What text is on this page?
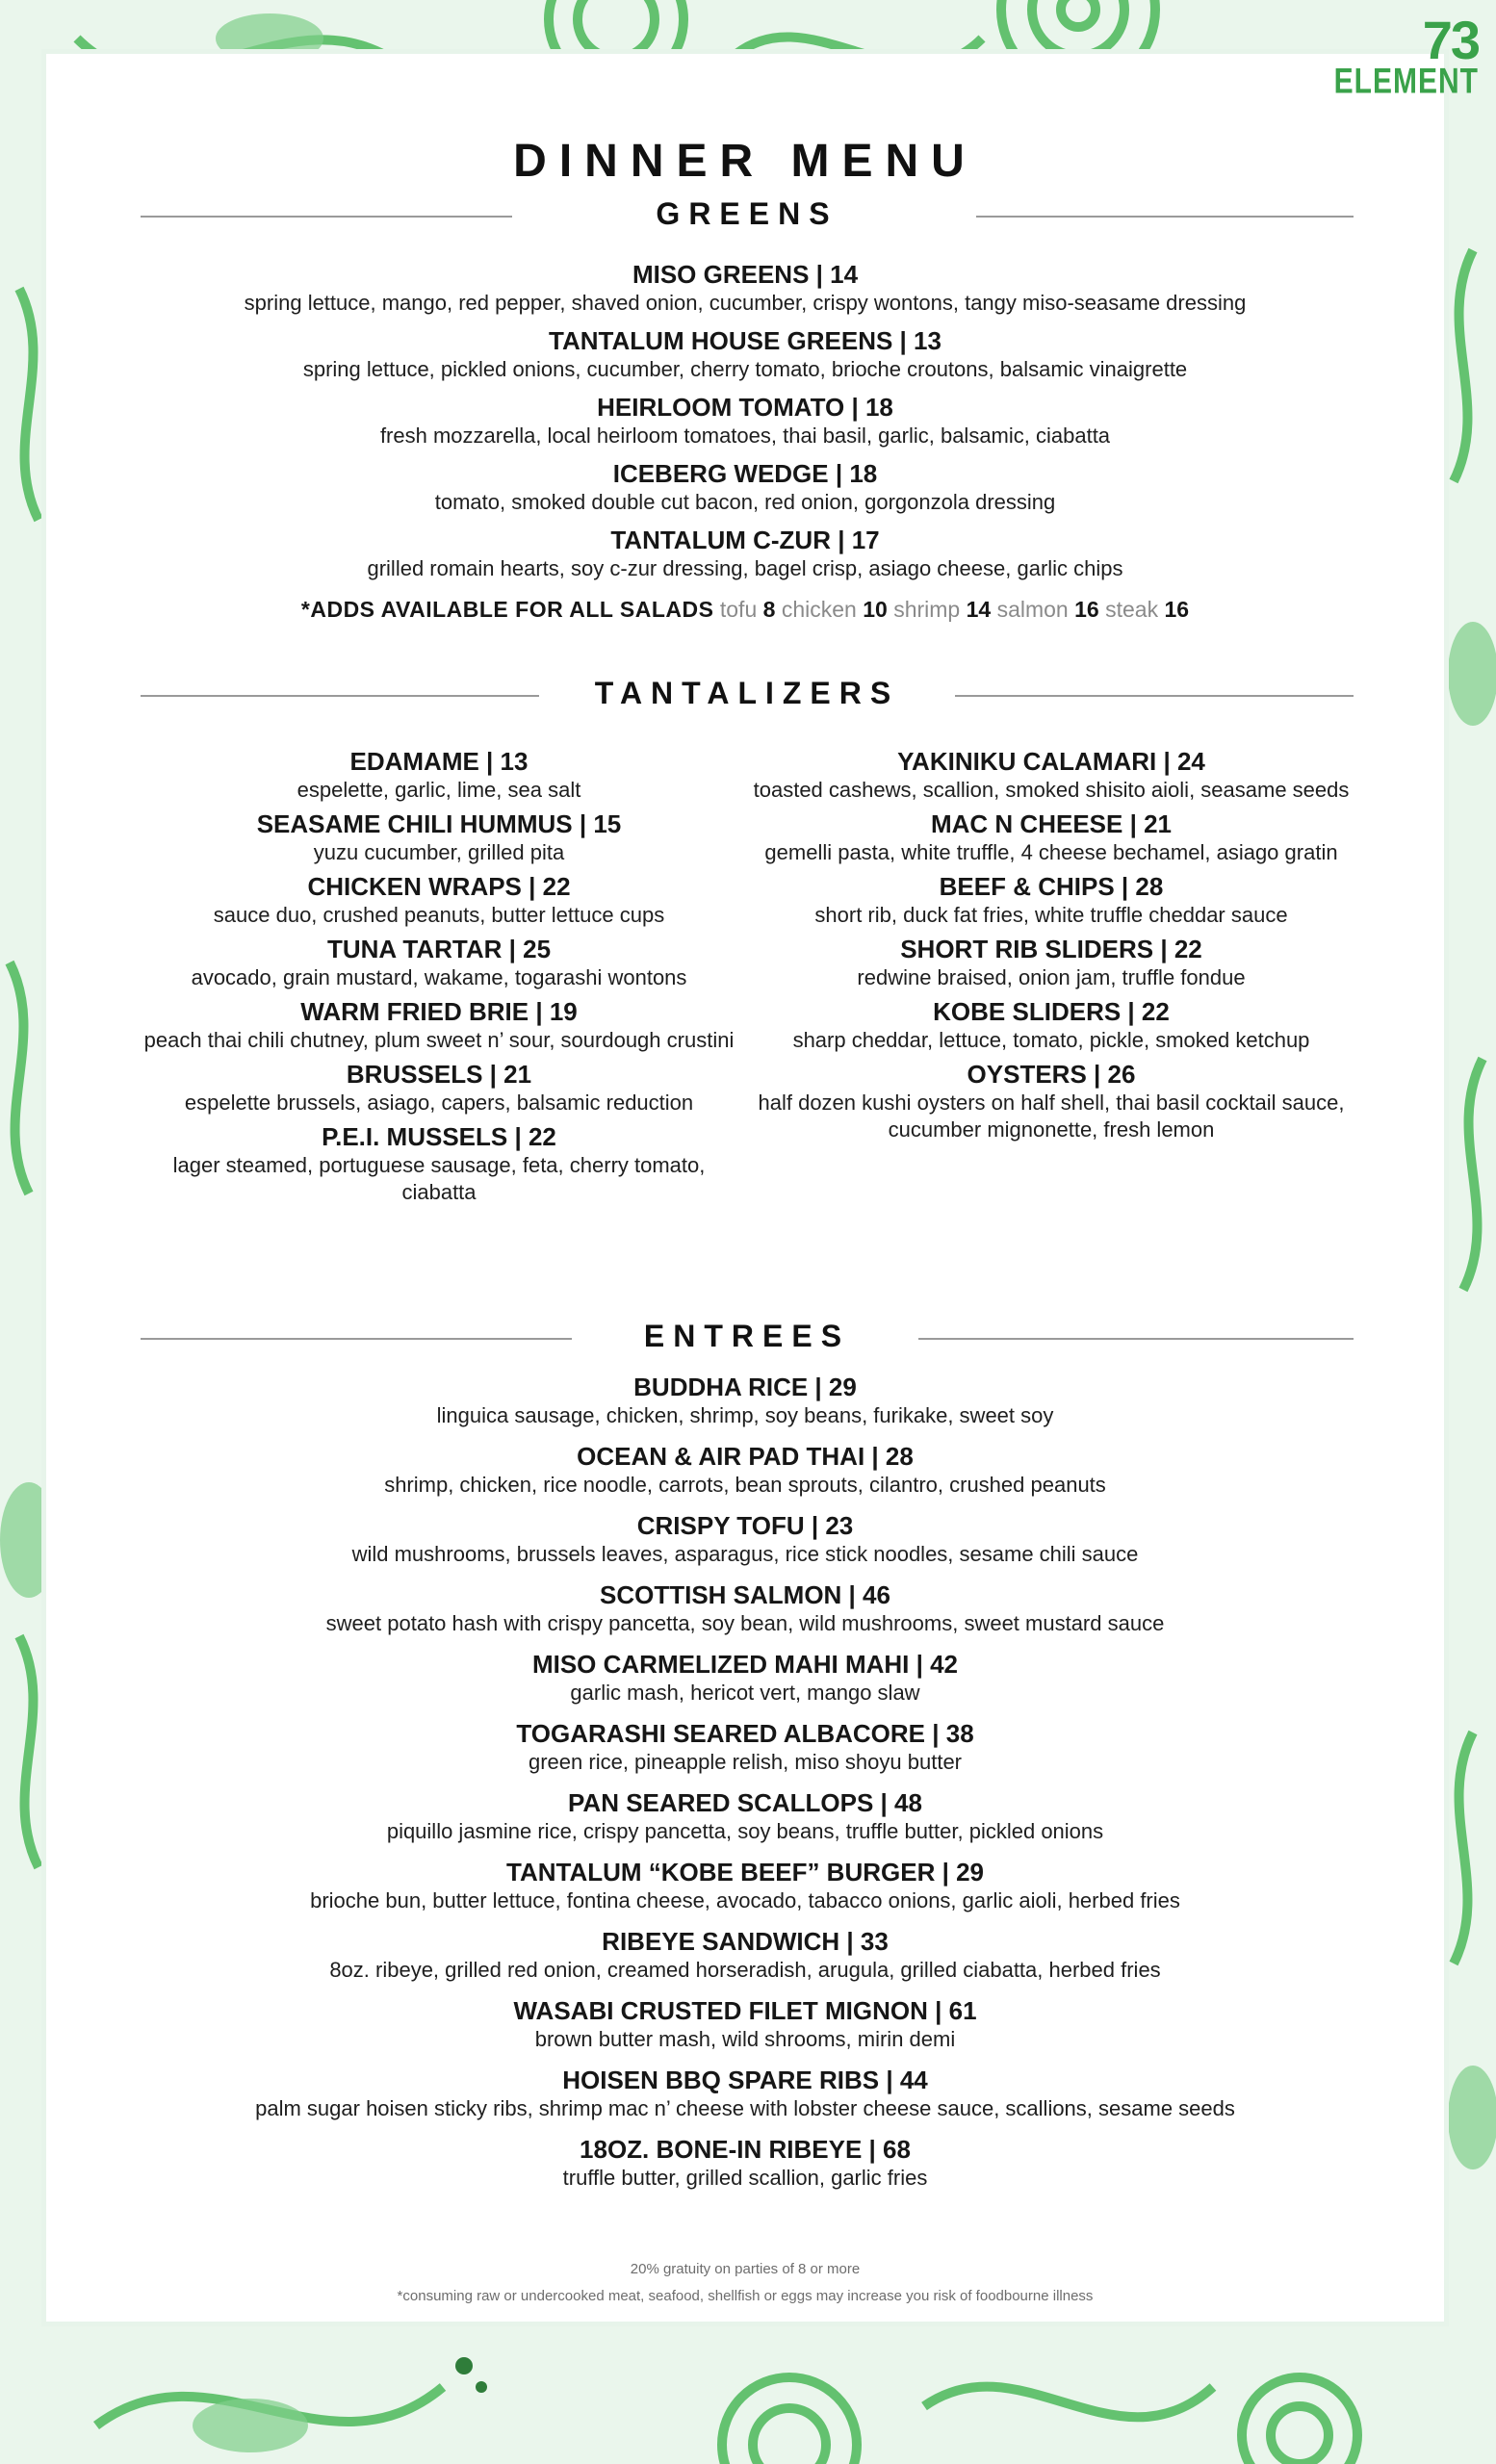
73
ELEMENT
DINNER MENU
GREENS
MISO GREENS | 14
spring lettuce, mango, red pepper, shaved onion, cucumber, crispy wontons, tangy miso-seasame dressing
TANTALUM HOUSE GREENS | 13
spring lettuce, pickled onions, cucumber, cherry tomato, brioche croutons, balsamic vinaigrette
HEIRLOOM TOMATO | 18
fresh mozzarella, local heirloom tomatoes, thai basil, garlic, balsamic, ciabatta
ICEBERG WEDGE | 18
tomato, smoked double cut bacon, red onion, gorgonzola dressing
TANTALUM C-ZUR | 17
grilled romain hearts, soy c-zur dressing, bagel crisp, asiago cheese, garlic chips
*ADDS AVAILABLE FOR ALL SALADS tofu 8 chicken 10 shrimp 14 salmon 16 steak 16
TANTALIZERS
EDAMAME | 13
espelette, garlic, lime, sea salt
SEASAME CHILI HUMMUS | 15
yuzu cucumber, grilled pita
CHICKEN WRAPS | 22
sauce duo, crushed peanuts, butter lettuce cups
TUNA TARTAR | 25
avocado, grain mustard, wakame, togarashi wontons
WARM FRIED BRIE | 19
peach thai chili chutney, plum sweet n’ sour, sourdough crustini
BRUSSELS | 21
espelette brussels, asiago, capers, balsamic reduction
P.E.I. MUSSELS | 22
lager steamed, portuguese sausage, feta, cherry tomato, ciabatta
YAKINIKU CALAMARI | 24
toasted cashews, scallion, smoked shisito aioli, seasame seeds
MAC N CHEESE | 21
gemelli pasta, white truffle, 4 cheese bechamel, asiago gratin
BEEF & CHIPS | 28
short rib, duck fat fries, white truffle cheddar sauce
SHORT RIB SLIDERS | 22
redwine braised, onion jam, truffle fondue
KOBE SLIDERS | 22
sharp cheddar, lettuce, tomato, pickle, smoked ketchup
OYSTERS | 26
half dozen kushi oysters on half shell, thai basil cocktail sauce, cucumber mignonette, fresh lemon
ENTREES
BUDDHA RICE | 29
linguica sausage, chicken, shrimp, soy beans, furikake, sweet soy
OCEAN & AIR PAD THAI | 28
shrimp, chicken, rice noodle, carrots, bean sprouts, cilantro, crushed peanuts
CRISPY TOFU | 23
wild mushrooms, brussels leaves, asparagus, rice stick noodles, sesame chili sauce
SCOTTISH SALMON | 46
sweet potato hash with crispy pancetta, soy bean, wild mushrooms, sweet mustard sauce
MISO CARMELIZED MAHI MAHI | 42
garlic mash, hericot vert, mango slaw
TOGARASHI SEARED ALBACORE | 38
green rice, pineapple relish, miso shoyu butter
PAN SEARED SCALLOPS | 48
piquillo jasmine rice, crispy pancetta, soy beans, truffle butter, pickled onions
TANTALUM “KOBE BEEF” BURGER | 29
brioche bun, butter lettuce, fontina cheese, avocado, tabacco onions, garlic aioli, herbed fries
RIBEYE SANDWICH | 33
8oz. ribeye, grilled red onion, creamed horseradish, arugula, grilled ciabatta, herbed fries
WASABI CRUSTED FILET MIGNON | 61
brown butter mash, wild shrooms, mirin demi
HOISEN BBQ SPARE RIBS | 44
palm sugar hoisen sticky ribs, shrimp mac n’ cheese with lobster cheese sauce, scallions, sesame seeds
18OZ. BONE-IN RIBEYE | 68
truffle butter, grilled scallion, garlic fries
20% gratuity on parties of 8 or more
*consuming raw or undercooked meat, seafood, shellfish or eggs may increase you risk of foodbourne illness
